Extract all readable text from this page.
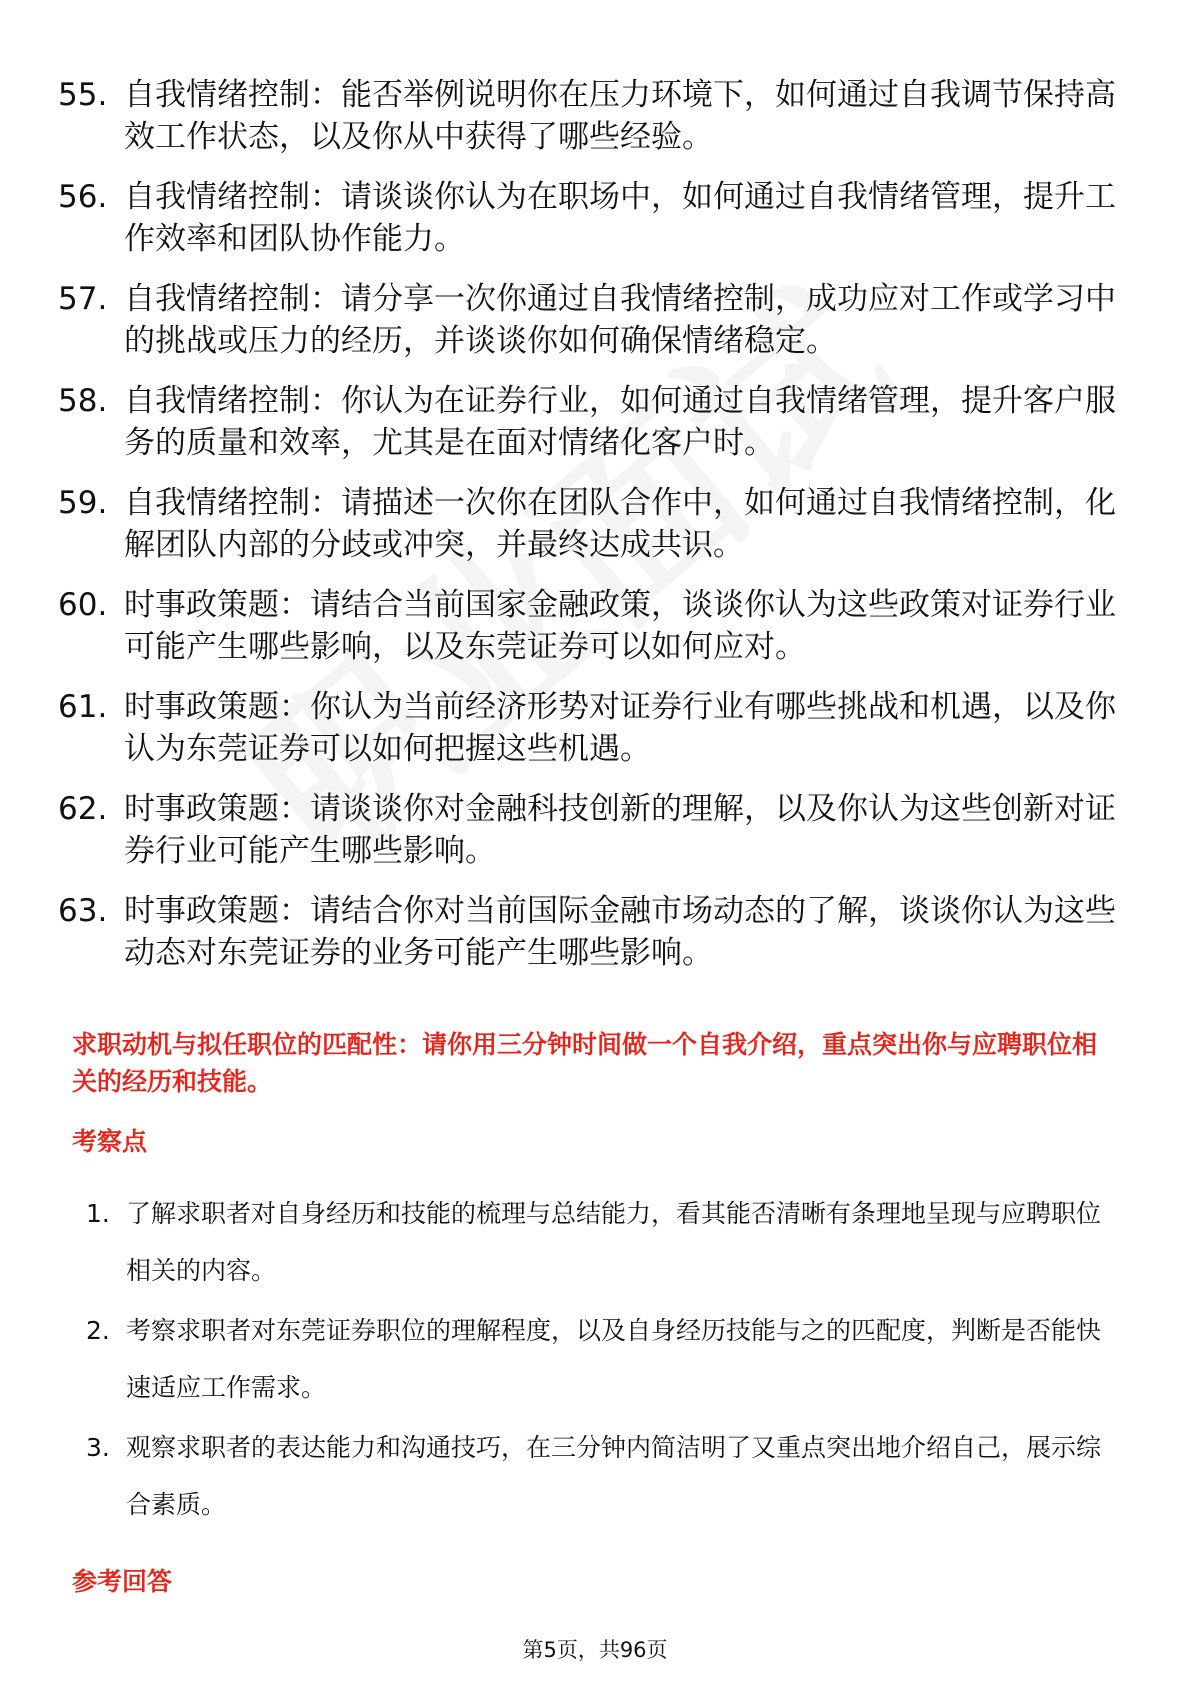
55. 自我情绪控制：能否举例说明你在压力环境下，如何通过自我调节保持高效工作状态，以及你从中获得了哪些经验。
56. 自我情绪控制：请谈谈你认为在职场中，如何通过自我情绪管理，提升工作效率和团队协作能力。
57. 自我情绪控制：请分享一次你通过自我情绪控制，成功应对工作或学习中的挑战或压力的经历，并谈谈你如何确保情绪稳定。
58. 自我情绪控制：你认为在证券行业，如何通过自我情绪管理，提升客户服务的质量和效率，尤其是在面对情绪化客户时。
59. 自我情绪控制：请描述一次你在团队合作中，如何通过自我情绪控制，化解团队内部的分歧或冲突，并最终达成共识。
60. 时事政策题：请结合当前国家金融政策，谈谈你认为这些政策对证券行业可能产生哪些影响，以及东莞证券可以如何应对。
61. 时事政策题：你认为当前经济形势对证券行业有哪些挑战和机遇，以及你认为东莞证券可以如何把握这些机遇。
62. 时事政策题：请谈谈你对金融科技创新的理解，以及你认为这些创新对证券行业可能产生哪些影响。
63. 时事政策题：请结合你对当前国际金融市场动态的了解，谈谈你认为这些动态对东莞证券的业务可能产生哪些影响。
求职动机与拟任职位的匹配性：请你用三分钟时间做一个自我介绍，重点突出你与应聘职位相关的经历和技能。
考察点
1. 了解求职者对自身经历和技能的梳理与总结能力，看其能否清晰有条理地呈现与应聘职位相关的内容。
2. 考察求职者对东莞证券职位的理解程度，以及自身经历技能与之的匹配度，判断是否能快速适应工作需求。
3. 观察求职者的表达能力和沟通技巧，在三分钟内简洁明了又重点突出地介绍自己，展示综合素质。
参考回答
第5页，共96页
